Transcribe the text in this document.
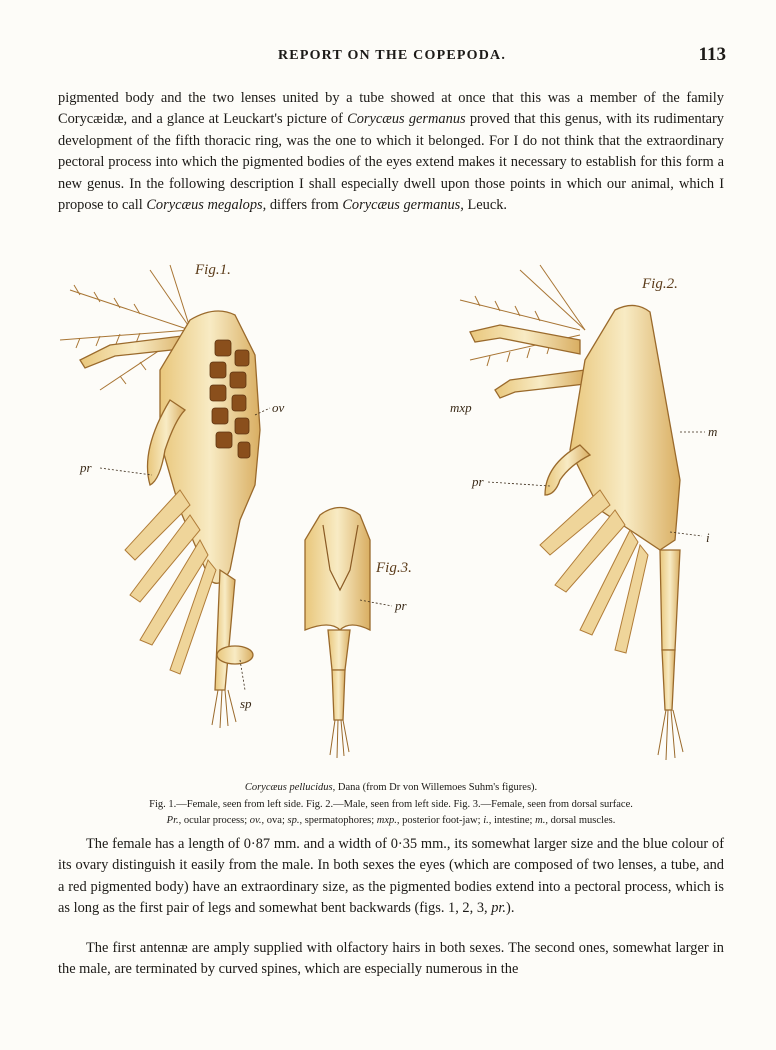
REPORT ON THE COPEPODA.	113

pigmented body and the two lenses united by a tube showed at once that this was a member of the family Corycæidæ, and a glance at Leuckart's picture of Corycæus germanus proved that this genus, with its rudimentary development of the fifth thoracic ring, was the one to which it belonged. For I do not think that the extraordinary pectoral process into which the pigmented bodies of the eyes extend makes it necessary to establish for this form a new genus. In the following description I shall especially dwell upon those points in which our animal, which I propose to call Corycæus megalops, differs from Corycæus germanus, Leuck.

Fig.1.
ov
pr
sp
Fig.3.
pr
Fig.2.
mxp
m
pr
i
Corycæus pellucidus, Dana (from Dr von Willemoes Suhm's figures).
Fig. 1.—Female, seen from left side. Fig. 2.—Male, seen from left side. Fig. 3.—Female, seen from dorsal surface.
Pr., ocular process; ov., ova; sp., spermatophores; mxp., posterior foot-jaw; i., intestine; m., dorsal muscles.

The female has a length of 0·87 mm. and a width of 0·35 mm., its somewhat larger size and the blue colour of its ovary distinguish it easily from the male. In both sexes the eyes (which are composed of two lenses, a tube, and a red pigmented body) have an extraordinary size, as the pigmented bodies extend into a pectoral process, which is as long as the first pair of legs and somewhat bent backwards (figs. 1, 2, 3, pr.).

The first antennæ are amply supplied with olfactory hairs in both sexes. The second ones, somewhat larger in the male, are terminated by curved spines, which are especially numerous in the
